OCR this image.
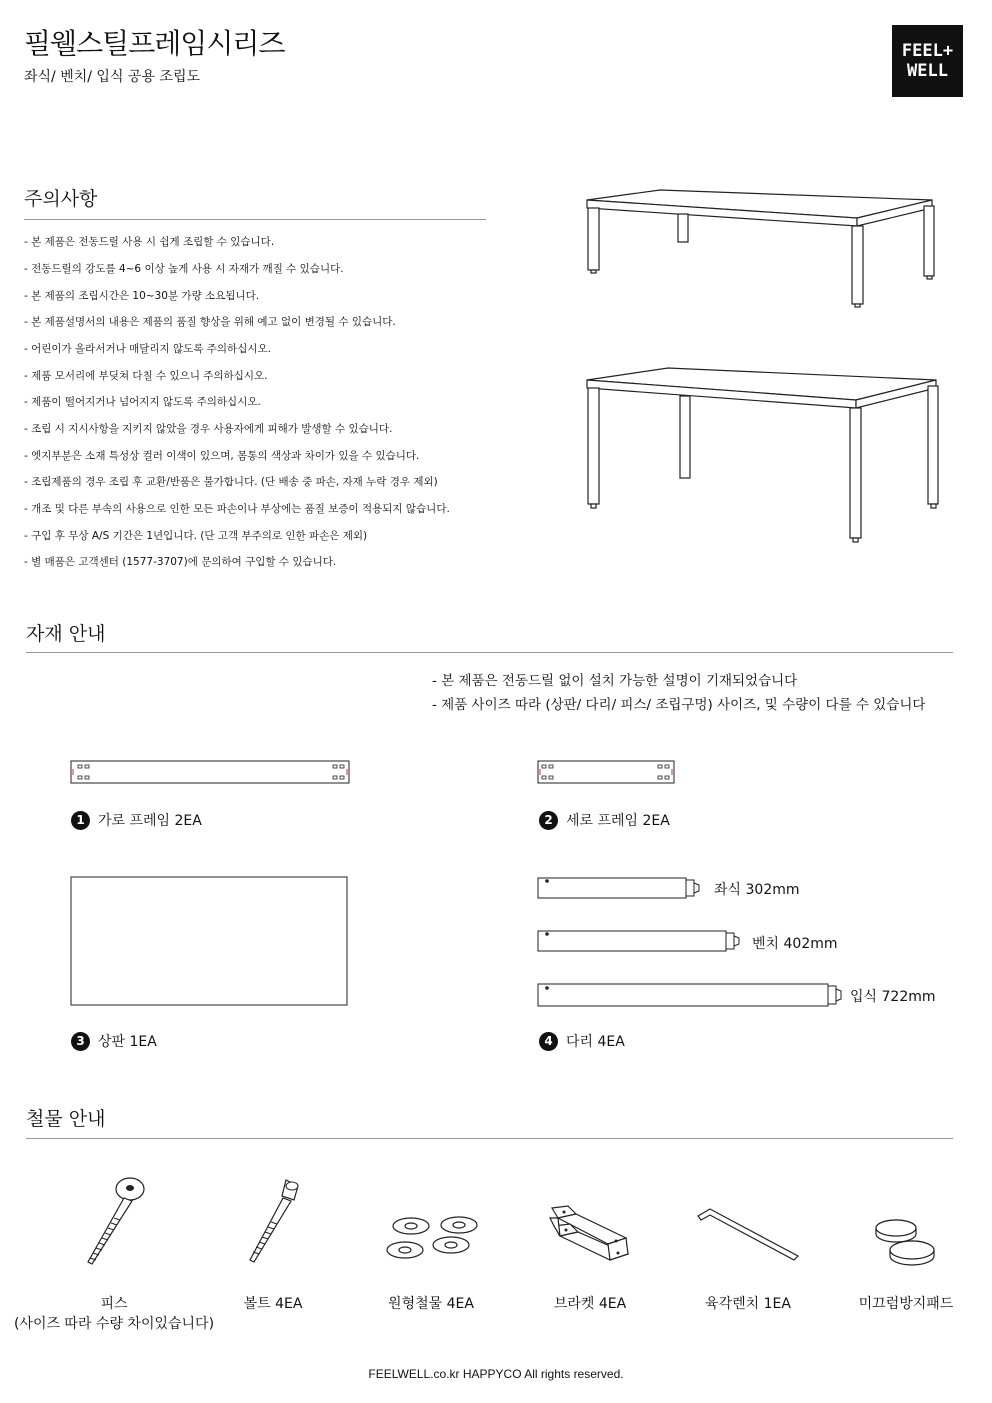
필웰스틸프레임시리즈
좌식/ 벤치/ 입식 공용 조립도
FEEL+
WELL
주의사항
- 본 제품은 전동드릴 사용 시 쉽게 조립할 수 있습니다.
- 전동드릴의 강도를 4~6 이상 높게 사용 시 자재가 깨질 수 있습니다.
- 본 제품의 조립시간은 10~30분 가량 소요됩니다.
- 본 제품설명서의 내용은 제품의 품질 향상을 위해 예고 없이 변경될 수 있습니다.
- 어린이가 올라서거나 매달리지 않도록 주의하십시오.
- 제품 모서리에 부딪쳐 다칠 수 있으니 주의하십시오.
- 제품이 떨어지거나 넘어지지 않도록 주의하십시오.
- 조립 시 지시사항을 지키지 않았을 경우 사용자에게 피해가 발생할 수 있습니다.
- 엣지부분은 소재 특성상 컬러 이색이 있으며, 몸통의 색상과 차이가 있을 수 있습니다.
- 조립제품의 경우 조립 후 교환/반품은 불가합니다. (단 배송 중 파손, 자재 누락 경우 제외)
- 개조 및 다른 부속의 사용으로 인한 모든 파손이나 부상에는 품질 보증이 적용되지 않습니다.
- 구입 후 무상 A/S 기간은 1년입니다. (단 고객 부주의로 인한 파손은 제외)
- 별 매품은 고객센터 (1577-3707)에 문의하여 구입할 수 있습니다.
자재 안내
- 본 제품은 전동드릴 없이 설치 가능한 설명이 기재되었습니다
- 제품 사이즈 따라 (상판/ 다리/ 피스/ 조립구멍) 사이즈, 및 수량이 다를 수 있습니다
1 가로 프레임 2EA	2 세로 프레임 2EA
3 상판 1EA
좌식 302mm
벤치 402mm
입식 722mm
4 다리 4EA
철물 안내
피스
(사이즈 따라 수량 차이있습니다)
볼트 4EA	원형철물 4EA	브라켓 4EA	육각렌치 1EA	미끄럼방지패드
FEELWELL.co.kr HAPPYCO All rights reserved.
